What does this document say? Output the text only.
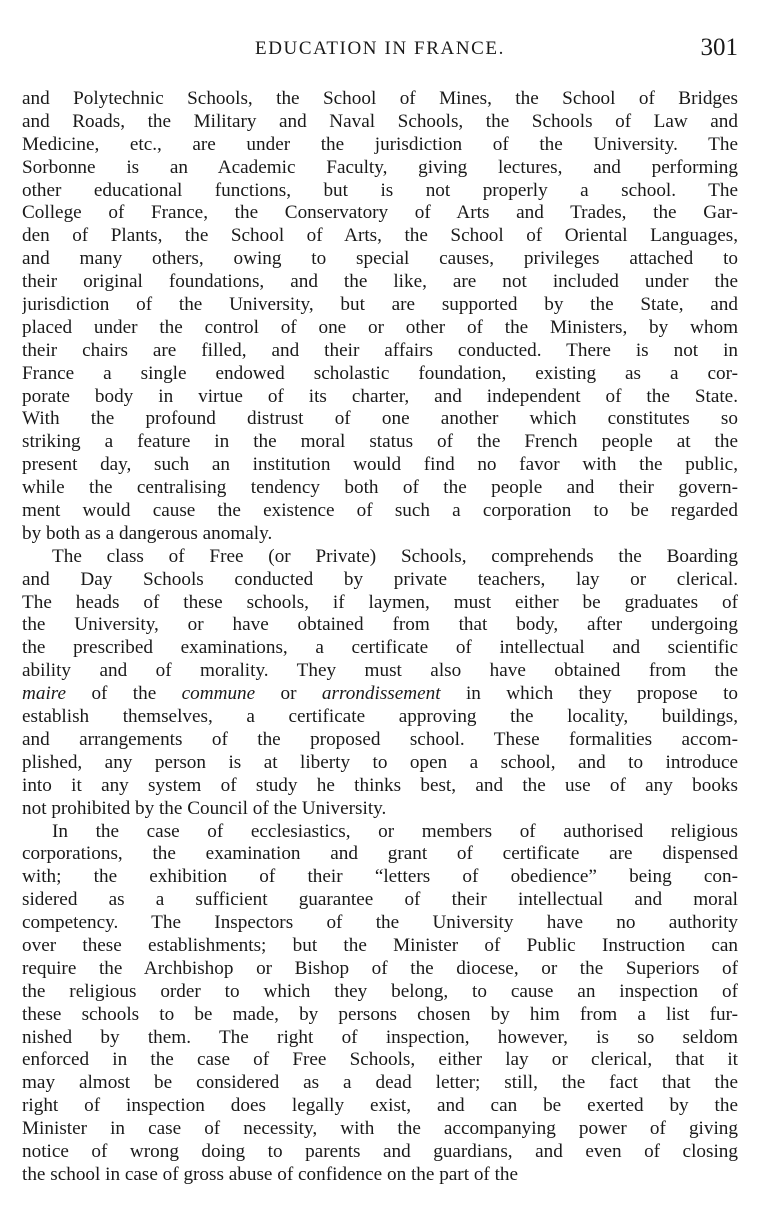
EDUCATION IN FRANCE.	301
and Polytechnic Schools, the School of Mines, the School of Bridges
and Roads, the Military and Naval Schools, the Schools of Law and
Medicine, etc., are under the jurisdiction of the University. The
Sorbonne is an Academic Faculty, giving lectures, and performing
other educational functions, but is not properly a school. The
College of France, the Conservatory of Arts and Trades, the Gar-
den of Plants, the School of Arts, the School of Oriental Languages,
and many others, owing to special causes, privileges attached to
their original foundations, and the like, are not included under the
jurisdiction of the University, but are supported by the State, and
placed under the control of one or other of the Ministers, by whom
their chairs are filled, and their affairs conducted. There is not in
France a single endowed scholastic foundation, existing as a cor-
porate body in virtue of its charter, and independent of the State.
With the profound distrust of one another which constitutes so
striking a feature in the moral status of the French people at the
present day, such an institution would find no favor with the public,
while the centralising tendency both of the people and their govern-
ment would cause the existence of such a corporation to be regarded
by both as a dangerous anomaly.
The class of Free (or Private) Schools, comprehends the Boarding
and Day Schools conducted by private teachers, lay or clerical.
The heads of these schools, if laymen, must either be graduates of
the University, or have obtained from that body, after undergoing
the prescribed examinations, a certificate of intellectual and scientific
ability and of morality. They must also have obtained from the
maire of the commune or arrondissement in which they propose to
establish themselves, a certificate approving the locality, buildings,
and arrangements of the proposed school. These formalities accom-
plished, any person is at liberty to open a school, and to introduce
into it any system of study he thinks best, and the use of any books
not prohibited by the Council of the University.
In the case of ecclesiastics, or members of authorised religious
corporations, the examination and grant of certificate are dispensed
with; the exhibition of their “letters of obedience” being con-
sidered as a sufficient guarantee of their intellectual and moral
competency. The Inspectors of the University have no authority
over these establishments; but the Minister of Public Instruction can
require the Archbishop or Bishop of the diocese, or the Superiors of
the religious order to which they belong, to cause an inspection of
these schools to be made, by persons chosen by him from a list fur-
nished by them. The right of inspection, however, is so seldom
enforced in the case of Free Schools, either lay or clerical, that it
may almost be considered as a dead letter; still, the fact that the
right of inspection does legally exist, and can be exerted by the
Minister in case of necessity, with the accompanying power of giving
notice of wrong doing to parents and guardians, and even of closing
the school in case of gross abuse of confidence on the part of the
